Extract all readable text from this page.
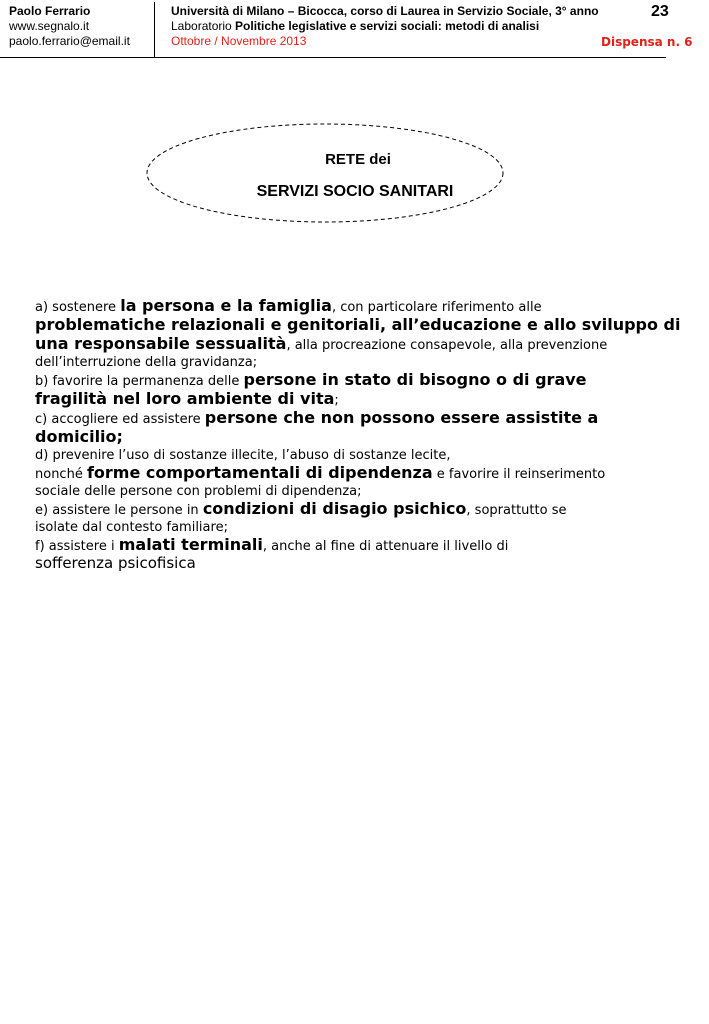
Paolo Ferrario
www.segnalo.it
paolo.ferrario@email.it
Università di Milano – Bicocca, corso di Laurea in Servizio Sociale, 3° anno
Laboratorio Politiche legislative e servizi sociali: metodi di analisi
Ottobre / Novembre 2013
23
Dispensa n. 6
RETE dei
SERVIZI SOCIO SANITARI
a) sostenere la persona e la famiglia, con particolare riferimento alle
problematiche relazionali e genitoriali, all’educazione e allo sviluppo di
una responsabile sessualità, alla procreazione consapevole, alla prevenzione
dell’interruzione della gravidanza;
b) favorire la permanenza delle persone in stato di bisogno o di grave
fragilità nel loro ambiente di vita;
c) accogliere ed assistere persone che non possono essere assistite a
domicilio;
d) prevenire l’uso di sostanze illecite, l’abuso di sostanze lecite,
nonché forme comportamentali di dipendenza e favorire il reinserimento
sociale delle persone con problemi di dipendenza;
e) assistere le persone in condizioni di disagio psichico, soprattutto se
isolate dal contesto familiare;
f) assistere i malati terminali, anche al fine di attenuare il livello di
sofferenza psicofisica
